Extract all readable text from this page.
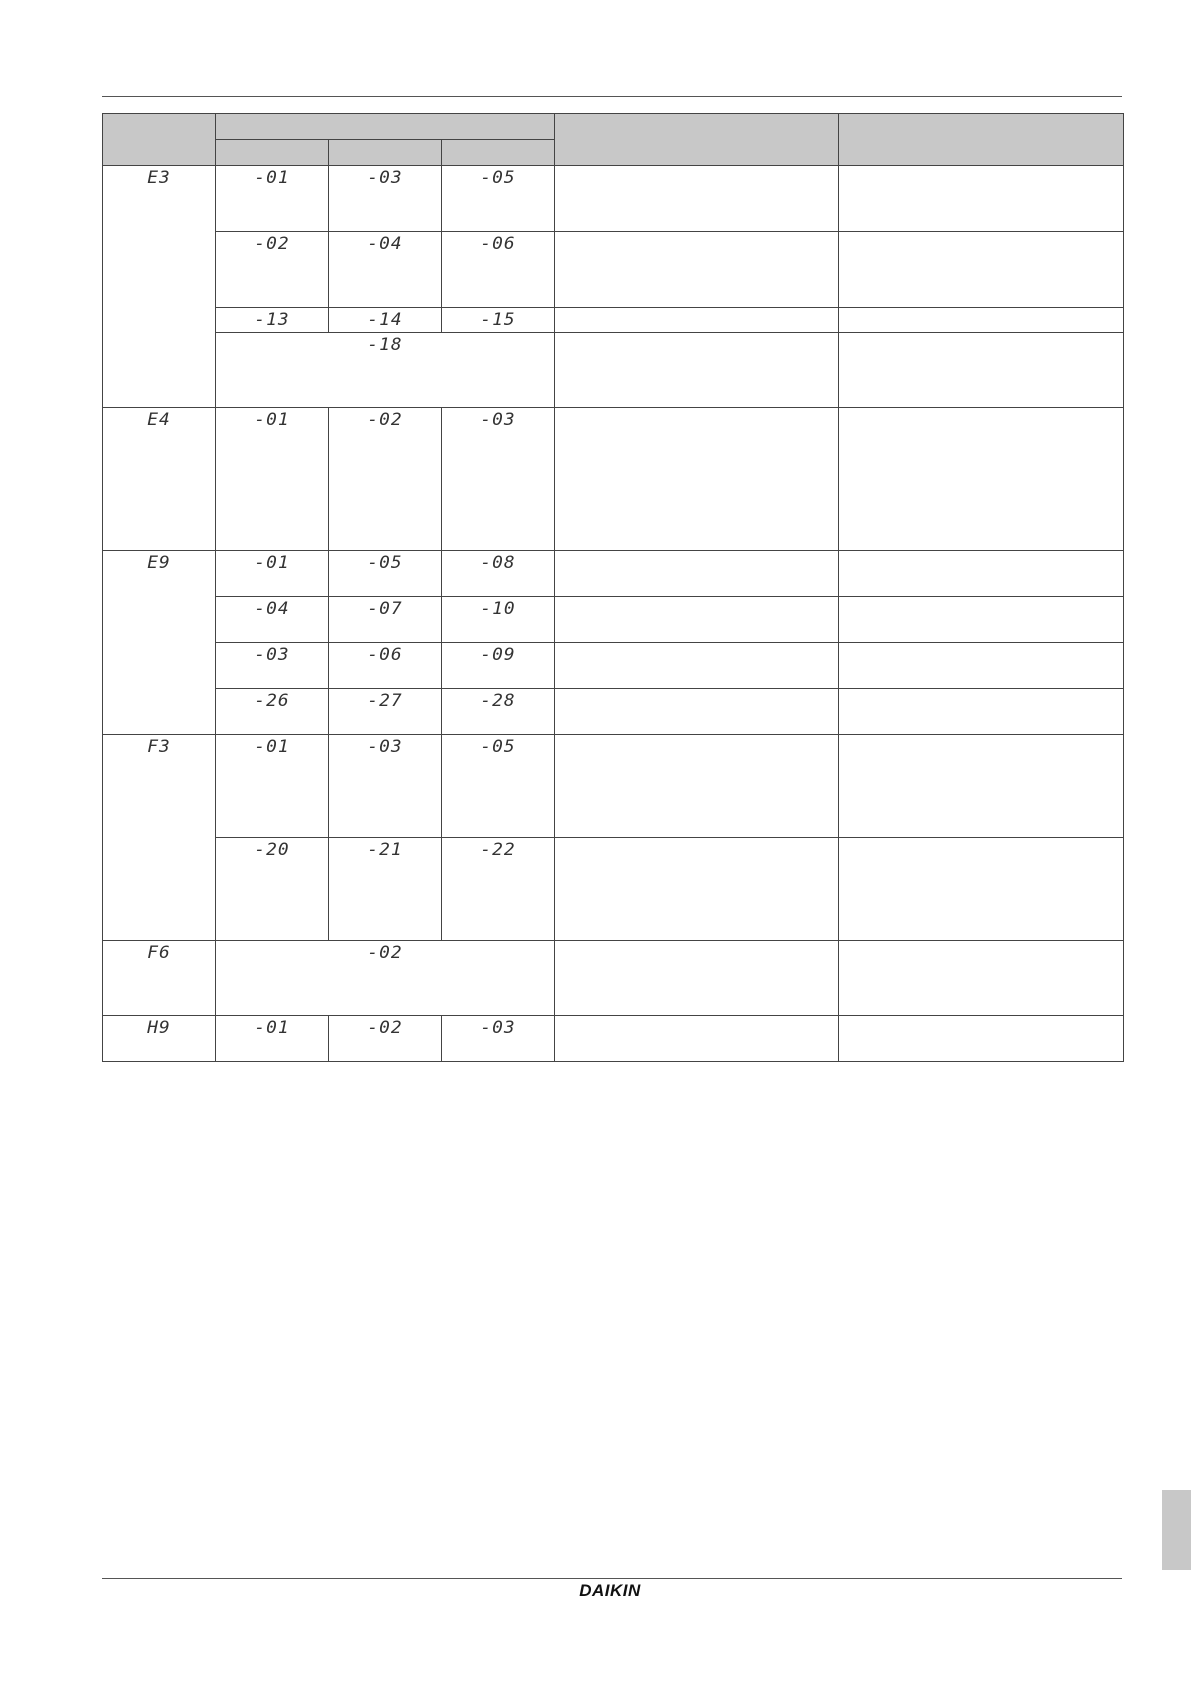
E3	-01	-03	-05		

	-02	-04	-06		

	-13	-14	-15		

	-18				

E4	-01	-02	-03		

E9	-01	-05	-08		

	-04	-07	-10		

	-03	-06	-09		

	-26	-27	-28		

F3	-01	-03	-05		

	-20	-21	-22		

F6	-02				

H9	-01	-02	-03		

DAIKIN
